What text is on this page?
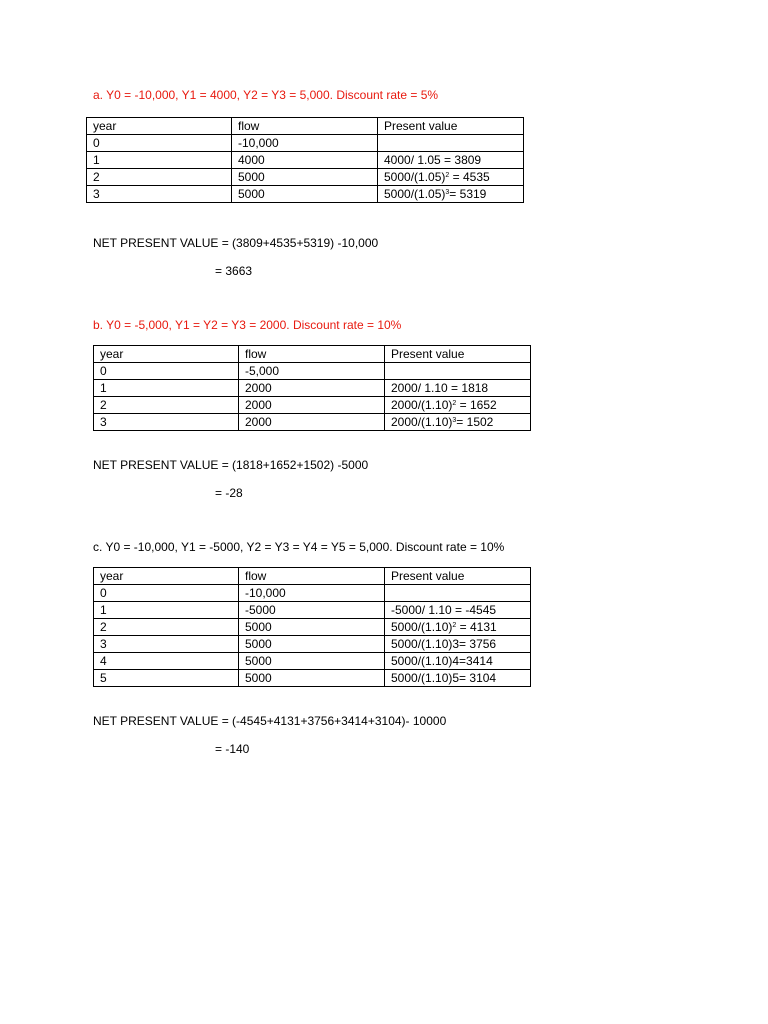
a. Y0 = -10,000, Y1 = 4000, Y2 = Y3 = 5,000. Discount rate = 5%

year	flow	Present value
0	-10,000	
1	4000	4000/ 1.05 = 3809
2	5000	$5000/(1.05)^2 = 4535$
3	5000	$5000/(1.05)^3= 5319$

NET PRESENT VALUE = (3809+4535+5319) -10,000

= 3663

b. Y0 = -5,000, Y1 = Y2 = Y3 = 2000. Discount rate = 10%

year	flow	Present value
0	-5,000	
1	2000	2000/ 1.10 = 1818
2	2000	$2000/(1.10)^2 = 1652$
3	2000	$2000/(1.10)^3= 1502$

NET PRESENT VALUE = (1818+1652+1502) -5000

= -28

c. Y0 = -10,000, Y1 = -5000, Y2 = Y3 = Y4 = Y5 = 5,000. Discount rate = 10%

year	flow	Present value
0	-10,000	
1	-5000	-5000/ 1.10 = -4545
2	5000	$5000/(1.10)^2 = 4131$
3	5000	5000/(1.10)3= 3756
4	5000	5000/(1.10)4=3414
5	5000	5000/(1.10)5= 3104

NET PRESENT VALUE = (-4545+4131+3756+3414+3104)- 10000

= -140
